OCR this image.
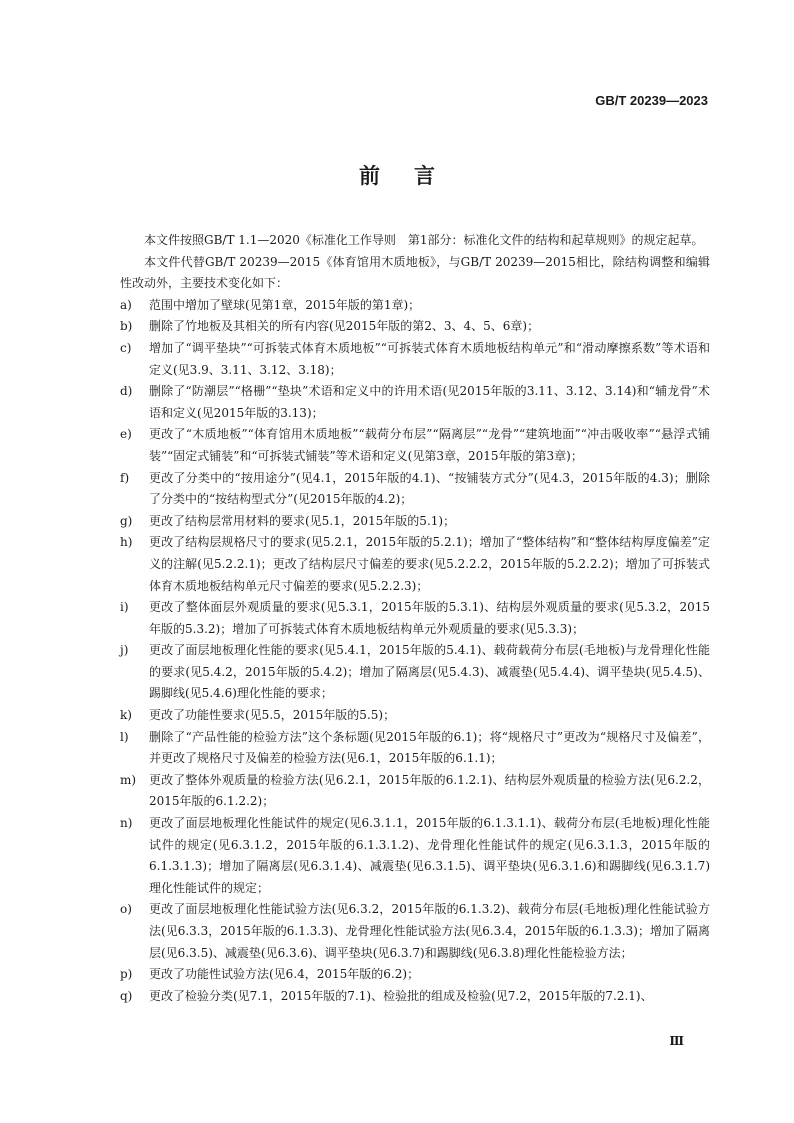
GB/T 20239—2023
前言

本文件按照GB/T 1.1—2020《标准化工作导则　第1部分：标准化文件的结构和起草规则》的规定起草。

本文件代替GB/T 20239—2015《体育馆用木质地板》，与GB/T 20239—2015相比，除结构调整和编辑性改动外，主要技术变化如下：

a)	范围中增加了壁球(见第1章，2015年版的第1章)；
b)	删除了竹地板及其相关的所有内容(见2015年版的第2、3、4、5、6章)；
c)	增加了“调平垫块”“可拆装式体育木质地板”“可拆装式体育木质地板结构单元”和“滑动摩擦系数”等术语和定义(见3.9、3.11、3.12、3.18)；
d)	删除了“防潮层”“格栅”“垫块”术语和定义中的许用术语(见2015年版的3.11、3.12、3.14)和“辅龙骨”术语和定义(见2015年版的3.13)；
e)	更改了“木质地板”“体育馆用木质地板”“载荷分布层”“隔离层”“龙骨”“建筑地面”“冲击吸收率”“悬浮式铺装”“固定式铺装”和“可拆装式铺装”等术语和定义(见第3章，2015年版的第3章)；
f)	更改了分类中的“按用途分”(见4.1，2015年版的4.1)、“按铺装方式分”(见4.3，2015年版的4.3)；删除了分类中的“按结构型式分”(见2015年版的4.2)；
g)	更改了结构层常用材料的要求(见5.1，2015年版的5.1)；
h)	更改了结构层规格尺寸的要求(见5.2.1，2015年版的5.2.1)；增加了“整体结构”和“整体结构厚度偏差”定义的注解(见5.2.2.1)；更改了结构层尺寸偏差的要求(见5.2.2.2，2015年版的5.2.2.2)；增加了可拆装式体育木质地板结构单元尺寸偏差的要求(见5.2.2.3)；
i)	更改了整体面层外观质量的要求(见5.3.1，2015年版的5.3.1)、结构层外观质量的要求(见5.3.2，2015年版的5.3.2)；增加了可拆装式体育木质地板结构单元外观质量的要求(见5.3.3)；
j)	更改了面层地板理化性能的要求(见5.4.1，2015年版的5.4.1)、载荷载荷分布层(毛地板)与龙骨理化性能的要求(见5.4.2，2015年版的5.4.2)；增加了隔离层(见5.4.3)、减震垫(见5.4.4)、调平垫块(见5.4.5)、踢脚线(见5.4.6)理化性能的要求；
k)	更改了功能性要求(见5.5，2015年版的5.5)；
l)	删除了“产品性能的检验方法”这个条标题(见2015年版的6.1)；将“规格尺寸”更改为“规格尺寸及偏差”，并更改了规格尺寸及偏差的检验方法(见6.1，2015年版的6.1.1)；
m)	更改了整体外观质量的检验方法(见6.2.1，2015年版的6.1.2.1)、结构层外观质量的检验方法(见6.2.2，2015年版的6.1.2.2)；
n)	更改了面层地板理化性能试件的规定(见6.3.1.1，2015年版的6.1.3.1.1)、载荷分布层(毛地板)理化性能试件的规定(见6.3.1.2，2015年版的6.1.3.1.2)、龙骨理化性能试件的规定(见6.3.1.3，2015年版的6.1.3.1.3)；增加了隔离层(见6.3.1.4)、减震垫(见6.3.1.5)、调平垫块(见6.3.1.6)和踢脚线(见6.3.1.7)理化性能试件的规定；
o)	更改了面层地板理化性能试验方法(见6.3.2，2015年版的6.1.3.2)、载荷分布层(毛地板)理化性能试验方法(见6.3.3，2015年版的6.1.3.3)、龙骨理化性能试验方法(见6.3.4，2015年版的6.1.3.3)；增加了隔离层(见6.3.5)、减震垫(见6.3.6)、调平垫块(见6.3.7)和踢脚线(见6.3.8)理化性能检验方法；
p)	更改了功能性试验方法(见6.4，2015年版的6.2)；
q)	更改了检验分类(见7.1，2015年版的7.1)、检验批的组成及检验(见7.2，2015年版的7.2.1)、
Ⅲ
